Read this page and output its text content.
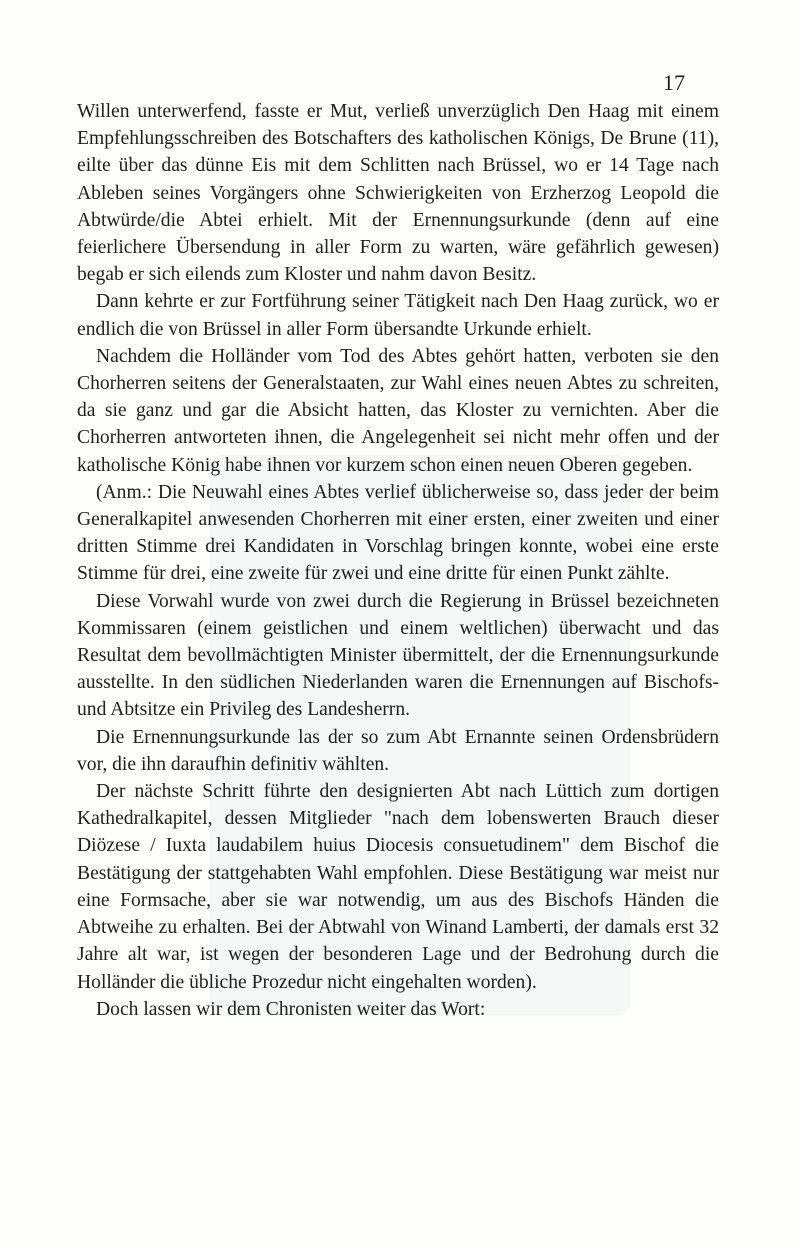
17

Willen unterwerfend, fasste er Mut, verließ unverzüglich Den Haag mit einem Empfehlungsschreiben des Botschafters des katholischen Königs, De Brune (11), eilte über das dünne Eis mit dem Schlitten nach Brüssel, wo er 14 Tage nach Ableben seines Vorgängers ohne Schwierigkeiten von Erzherzog Leopold die Abtwürde/die Abtei erhielt. Mit der Ernennungsurkunde (denn auf eine feierlichere Übersendung in aller Form zu warten, wäre gefährlich gewesen) begab er sich eilends zum Kloster und nahm davon Besitz.

Dann kehrte er zur Fortführung seiner Tätigkeit nach Den Haag zurück, wo er endlich die von Brüssel in aller Form übersandte Urkunde erhielt.

Nachdem die Holländer vom Tod des Abtes gehört hatten, verboten sie den Chorherren seitens der Generalstaaten, zur Wahl eines neuen Abtes zu schreiten, da sie ganz und gar die Absicht hatten, das Kloster zu vernichten. Aber die Chorherren antworteten ihnen, die Angelegenheit sei nicht mehr offen und der katholische König habe ihnen vor kurzem schon einen neuen Oberen gegeben.

(Anm.: Die Neuwahl eines Abtes verlief üblicherweise so, dass jeder der beim Generalkapitel anwesenden Chorherren mit einer ersten, einer zweiten und einer dritten Stimme drei Kandidaten in Vorschlag bringen konnte, wobei eine erste Stimme für drei, eine zweite für zwei und eine dritte für einen Punkt zählte.

Diese Vorwahl wurde von zwei durch die Regierung in Brüssel bezeichneten Kommissaren (einem geistlichen und einem weltlichen) überwacht und das Resultat dem bevollmächtigten Minister übermittelt, der die Ernennungsurkunde ausstellte. In den südlichen Niederlanden waren die Ernennungen auf Bischofs- und Abtsitze ein Privileg des Landesherrn.

Die Ernennungsurkunde las der so zum Abt Ernannte seinen Ordensbrüdern vor, die ihn daraufhin definitiv wählten.

Der nächste Schritt führte den designierten Abt nach Lüttich zum dortigen Kathedralkapitel, dessen Mitglieder "nach dem lobenswerten Brauch dieser Diözese / Iuxta laudabilem huius Diocesis consuetudinem" dem Bischof die Bestätigung der stattgehabten Wahl empfohlen. Diese Bestätigung war meist nur eine Formsache, aber sie war notwendig, um aus des Bischofs Händen die Abtweihe zu erhalten. Bei der Abtwahl von Winand Lamberti, der damals erst 32 Jahre alt war, ist wegen der besonderen Lage und der Bedrohung durch die Holländer die übliche Prozedur nicht eingehalten worden).

Doch lassen wir dem Chronisten weiter das Wort:
